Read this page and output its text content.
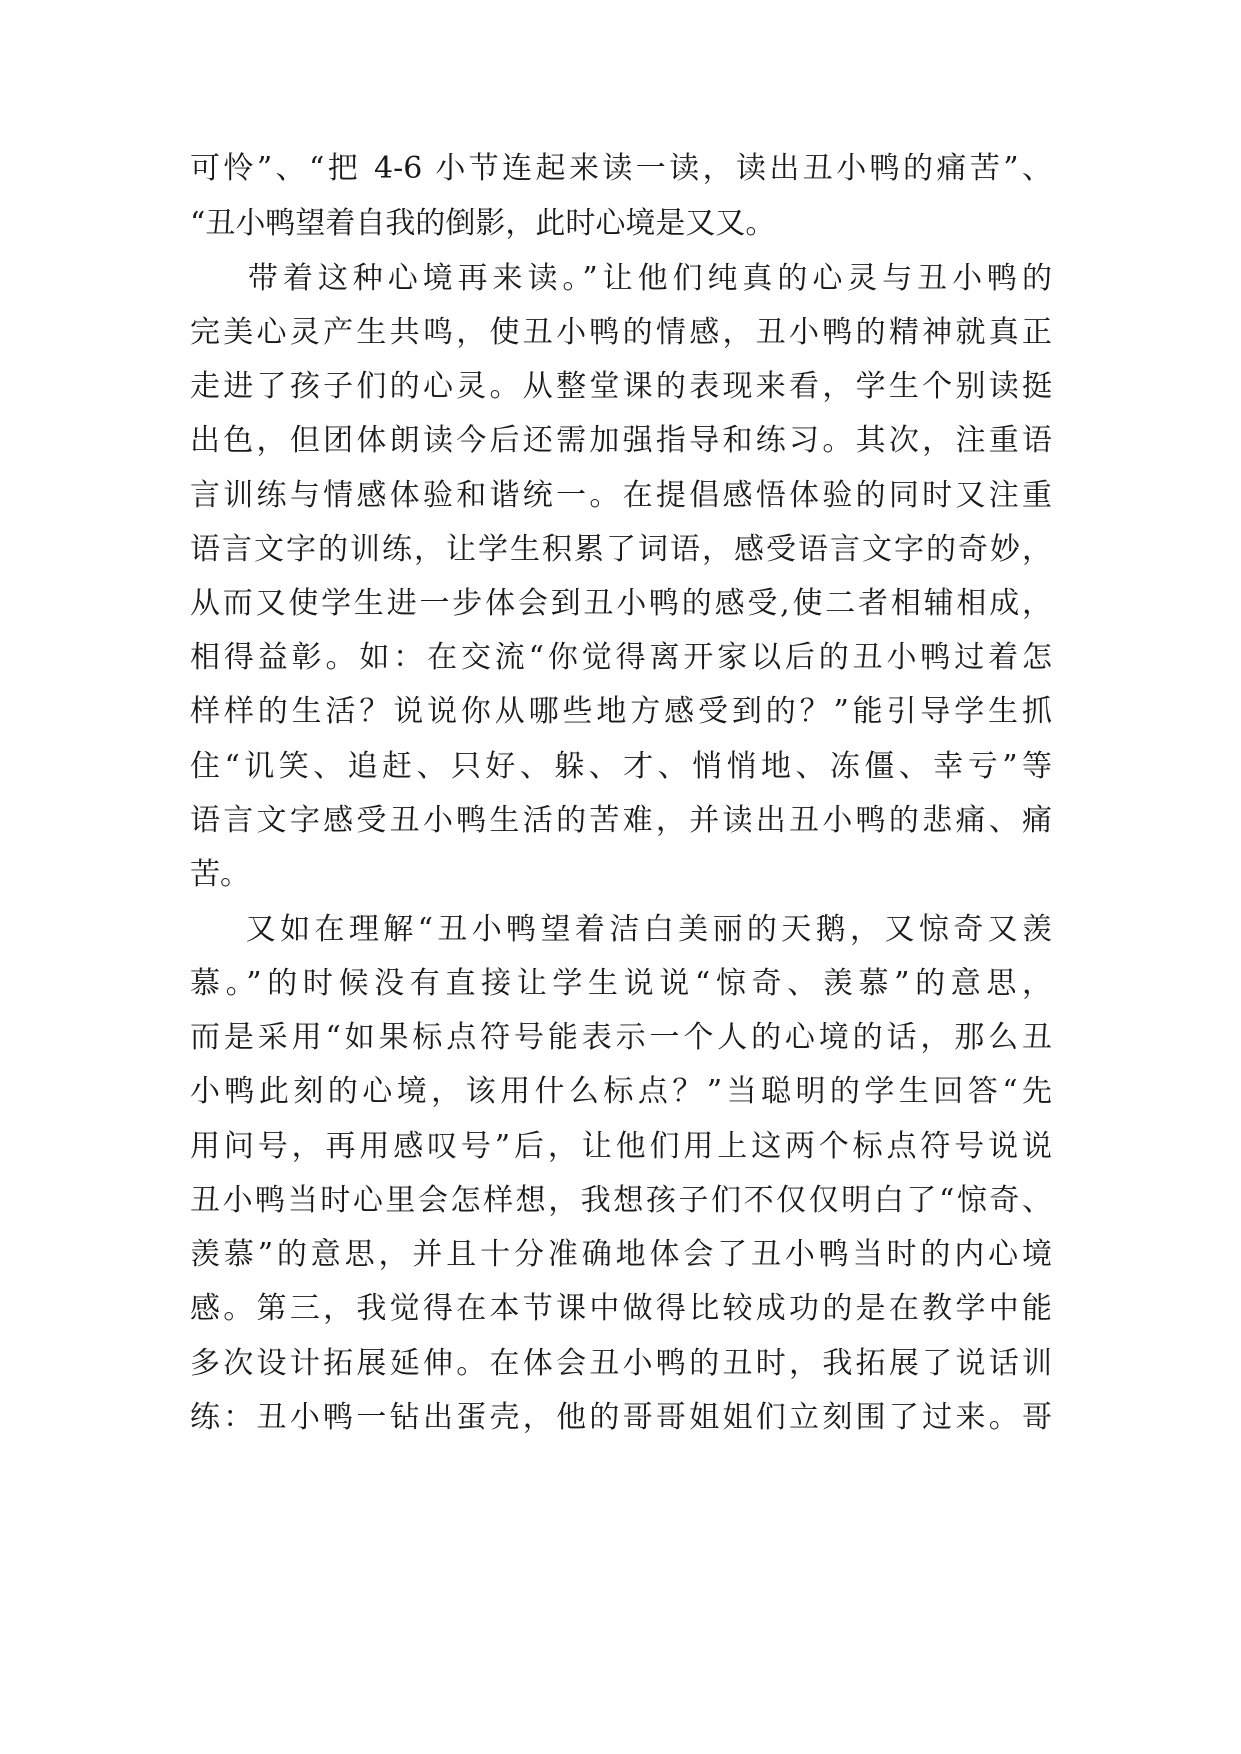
可怜”、“把 4-6 小节连起来读一读，读出丑小鸭的痛苦”、
“丑小鸭望着自我的倒影，此时心境是又又。
带着这种心境再来读。”让他们纯真的心灵与丑小鸭的
完美心灵产生共鸣，使丑小鸭的情感，丑小鸭的精神就真正
走进了孩子们的心灵。从整堂课的表现来看，学生个别读挺
出色，但团体朗读今后还需加强指导和练习。其次，注重语
言训练与情感体验和谐统一。在提倡感悟体验的同时又注重
语言文字的训练，让学生积累了词语，感受语言文字的奇妙，
从而又使学生进一步体会到丑小鸭的感受,使二者相辅相成，
相得益彰。如：在交流“你觉得离开家以后的丑小鸭过着怎
样样的生活？说说你从哪些地方感受到的？”能引导学生抓
住“讥笑、追赶、只好、躲、才、悄悄地、冻僵、幸亏”等
语言文字感受丑小鸭生活的苦难，并读出丑小鸭的悲痛、痛
苦。
又如在理解“丑小鸭望着洁白美丽的天鹅，又惊奇又羡
慕。”的时候没有直接让学生说说“惊奇、羡慕”的意思，
而是采用“如果标点符号能表示一个人的心境的话，那么丑
小鸭此刻的心境，该用什么标点？”当聪明的学生回答“先
用问号，再用感叹号”后，让他们用上这两个标点符号说说
丑小鸭当时心里会怎样想，我想孩子们不仅仅明白了“惊奇、
羡慕”的意思，并且十分准确地体会了丑小鸭当时的内心境
感。第三，我觉得在本节课中做得比较成功的是在教学中能
多次设计拓展延伸。在体会丑小鸭的丑时，我拓展了说话训
练：丑小鸭一钻出蛋壳，他的哥哥姐姐们立刻围了过来。哥
